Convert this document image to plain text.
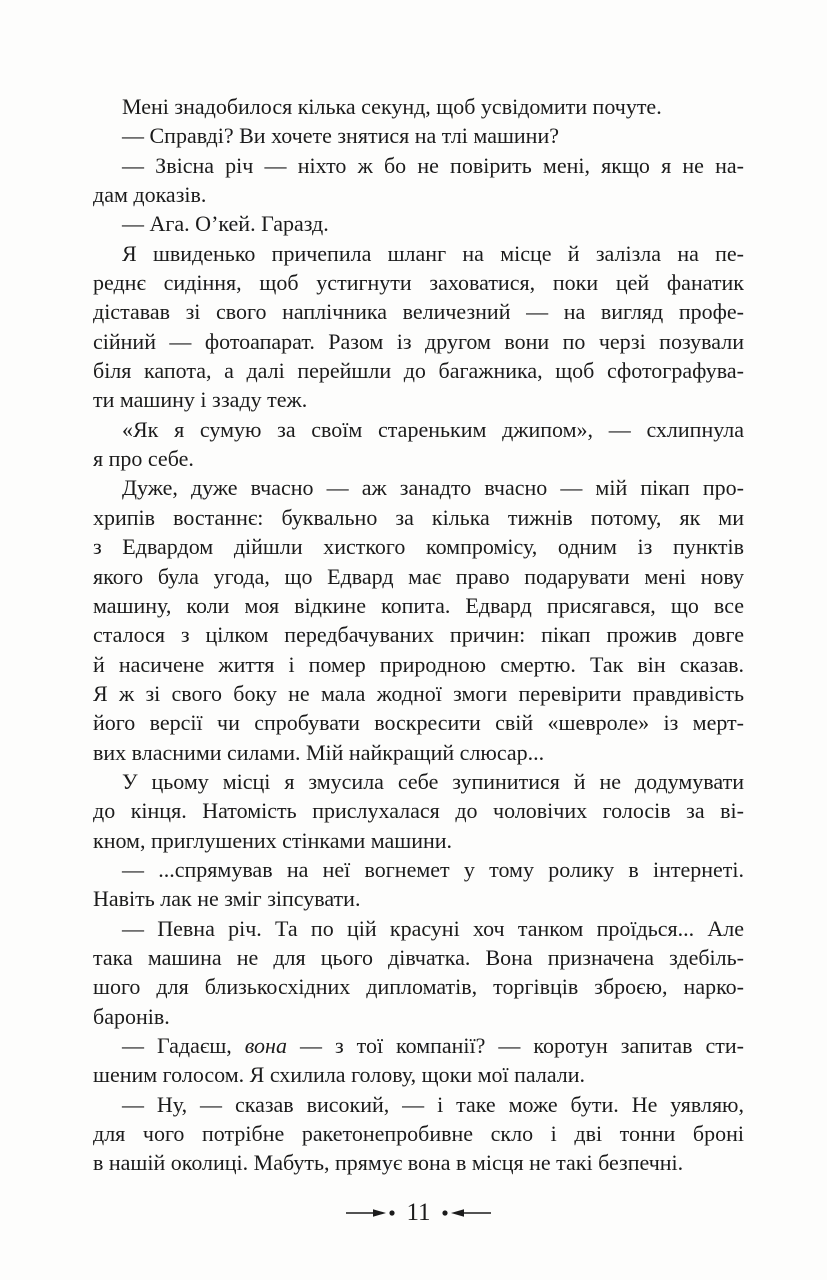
Мені знадобилося кілька секунд, щоб усвідомити почуте.
— Справді? Ви хочете знятися на тлі машини?
— Звісна річ — ніхто ж бо не повірить мені, якщо я не на-
дам доказів.
— Ага. О’кей. Гаразд.
Я швиденько причепила шланг на місце й залізла на пе-
реднє сидіння, щоб устигнути заховатися, поки цей фанатик
діставав зі свого наплічника величезний — на вигляд профе-
сійний — фотоапарат. Разом із другом вони по черзі позували
біля капота, а далі перейшли до багажника, щоб сфотографува-
ти машину і ззаду теж.
«Як я сумую за своїм стареньким джипом», — схлипнула
я про себе.
Дуже, дуже вчасно — аж занадто вчасно — мій пікап про-
хрипів востаннє: буквально за кілька тижнів потому, як ми
з Едвардом дійшли хисткого компромісу, одним із пунктів
якого була угода, що Едвард має право подарувати мені нову
машину, коли моя відкине копита. Едвард присягався, що все
сталося з цілком передбачуваних причин: пікап прожив довге
й насичене життя і помер природною смертю. Так він сказав.
Я ж зі свого боку не мала жодної змоги перевірити правдивість
його версії чи спробувати воскресити свій «шевроле» із мерт-
вих власними силами. Мій найкращий слюсар...
У цьому місці я змусила себе зупинитися й не додумувати
до кінця. Натомість прислухалася до чоловічих голосів за ві-
кном, приглушених стінками машини.
— ...спрямував на неї вогнемет у тому ролику в інтернеті.
Навіть лак не зміг зіпсувати.
— Певна річ. Та по цій красуні хоч танком проїдься... Але
така машина не для цього дівчатка. Вона призначена здебіль-
шого для близькосхідних дипломатів, торгівців зброєю, нарко-
баронів.
— Гадаєш, вона — з тої компанії? — коротун запитав сти-
шеним голосом. Я схилила голову, щоки мої палали.
— Ну, — сказав високий, — і таке може бути. Не уявляю,
для чого потрібне ракетонепробивне скло і дві тонни броні
в нашій околиці. Мабуть, прямує вона в місця не такі безпечні.
11
